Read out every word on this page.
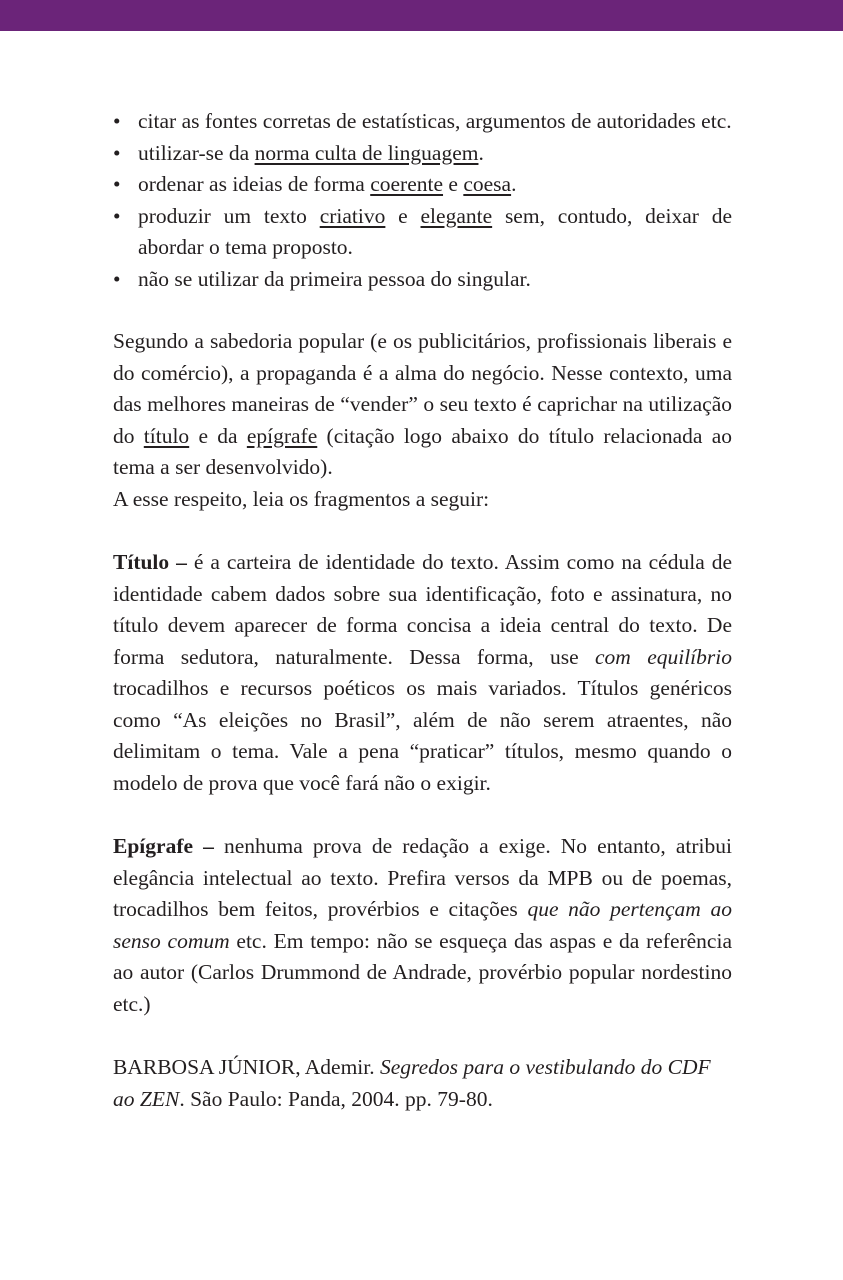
• citar as fontes corretas de estatísticas, argumentos de autoridades etc.
• utilizar-se da norma culta de linguagem.
• ordenar as ideias de forma coerente e coesa.
• produzir um texto criativo e elegante sem, contudo, deixar de abordar o tema proposto.
• não se utilizar da primeira pessoa do singular.

Segundo a sabedoria popular (e os publicitários, profissionais liberais e do comércio), a propaganda é a alma do negócio. Nesse contexto, uma das melhores maneiras de “vender” o seu texto é caprichar na utilização do título e da epígrafe (citação logo abaixo do título relacionada ao tema a ser desenvolvido).

A esse respeito, leia os fragmentos a seguir:

Título – é a carteira de identidade do texto. Assim como na cédula de identidade cabem dados sobre sua identificação, foto e assinatura, no título devem aparecer de forma concisa a ideia central do texto. De forma sedutora, naturalmente. Dessa forma, use com equilíbrio trocadilhos e recursos poéticos os mais variados. Títulos genéricos como “As eleições no Brasil”, além de não serem atraentes, não delimitam o tema. Vale a pena “praticar” títulos, mesmo quando o modelo de prova que você fará não o exigir.

Epígrafe – nenhuma prova de redação a exige. No entanto, atribui elegância intelectual ao texto. Prefira versos da MPB ou de poemas, trocadilhos bem feitos, provérbios e citações que não pertençam ao senso comum etc. Em tempo: não se esqueça das aspas e da referência ao autor (Carlos Drummond de Andrade, provérbio popular nordestino etc.)

BARBOSA JÚNIOR, Ademir. Segredos para o vestibulando do CDF ao ZEN. São Paulo: Panda, 2004. pp. 79-80.
